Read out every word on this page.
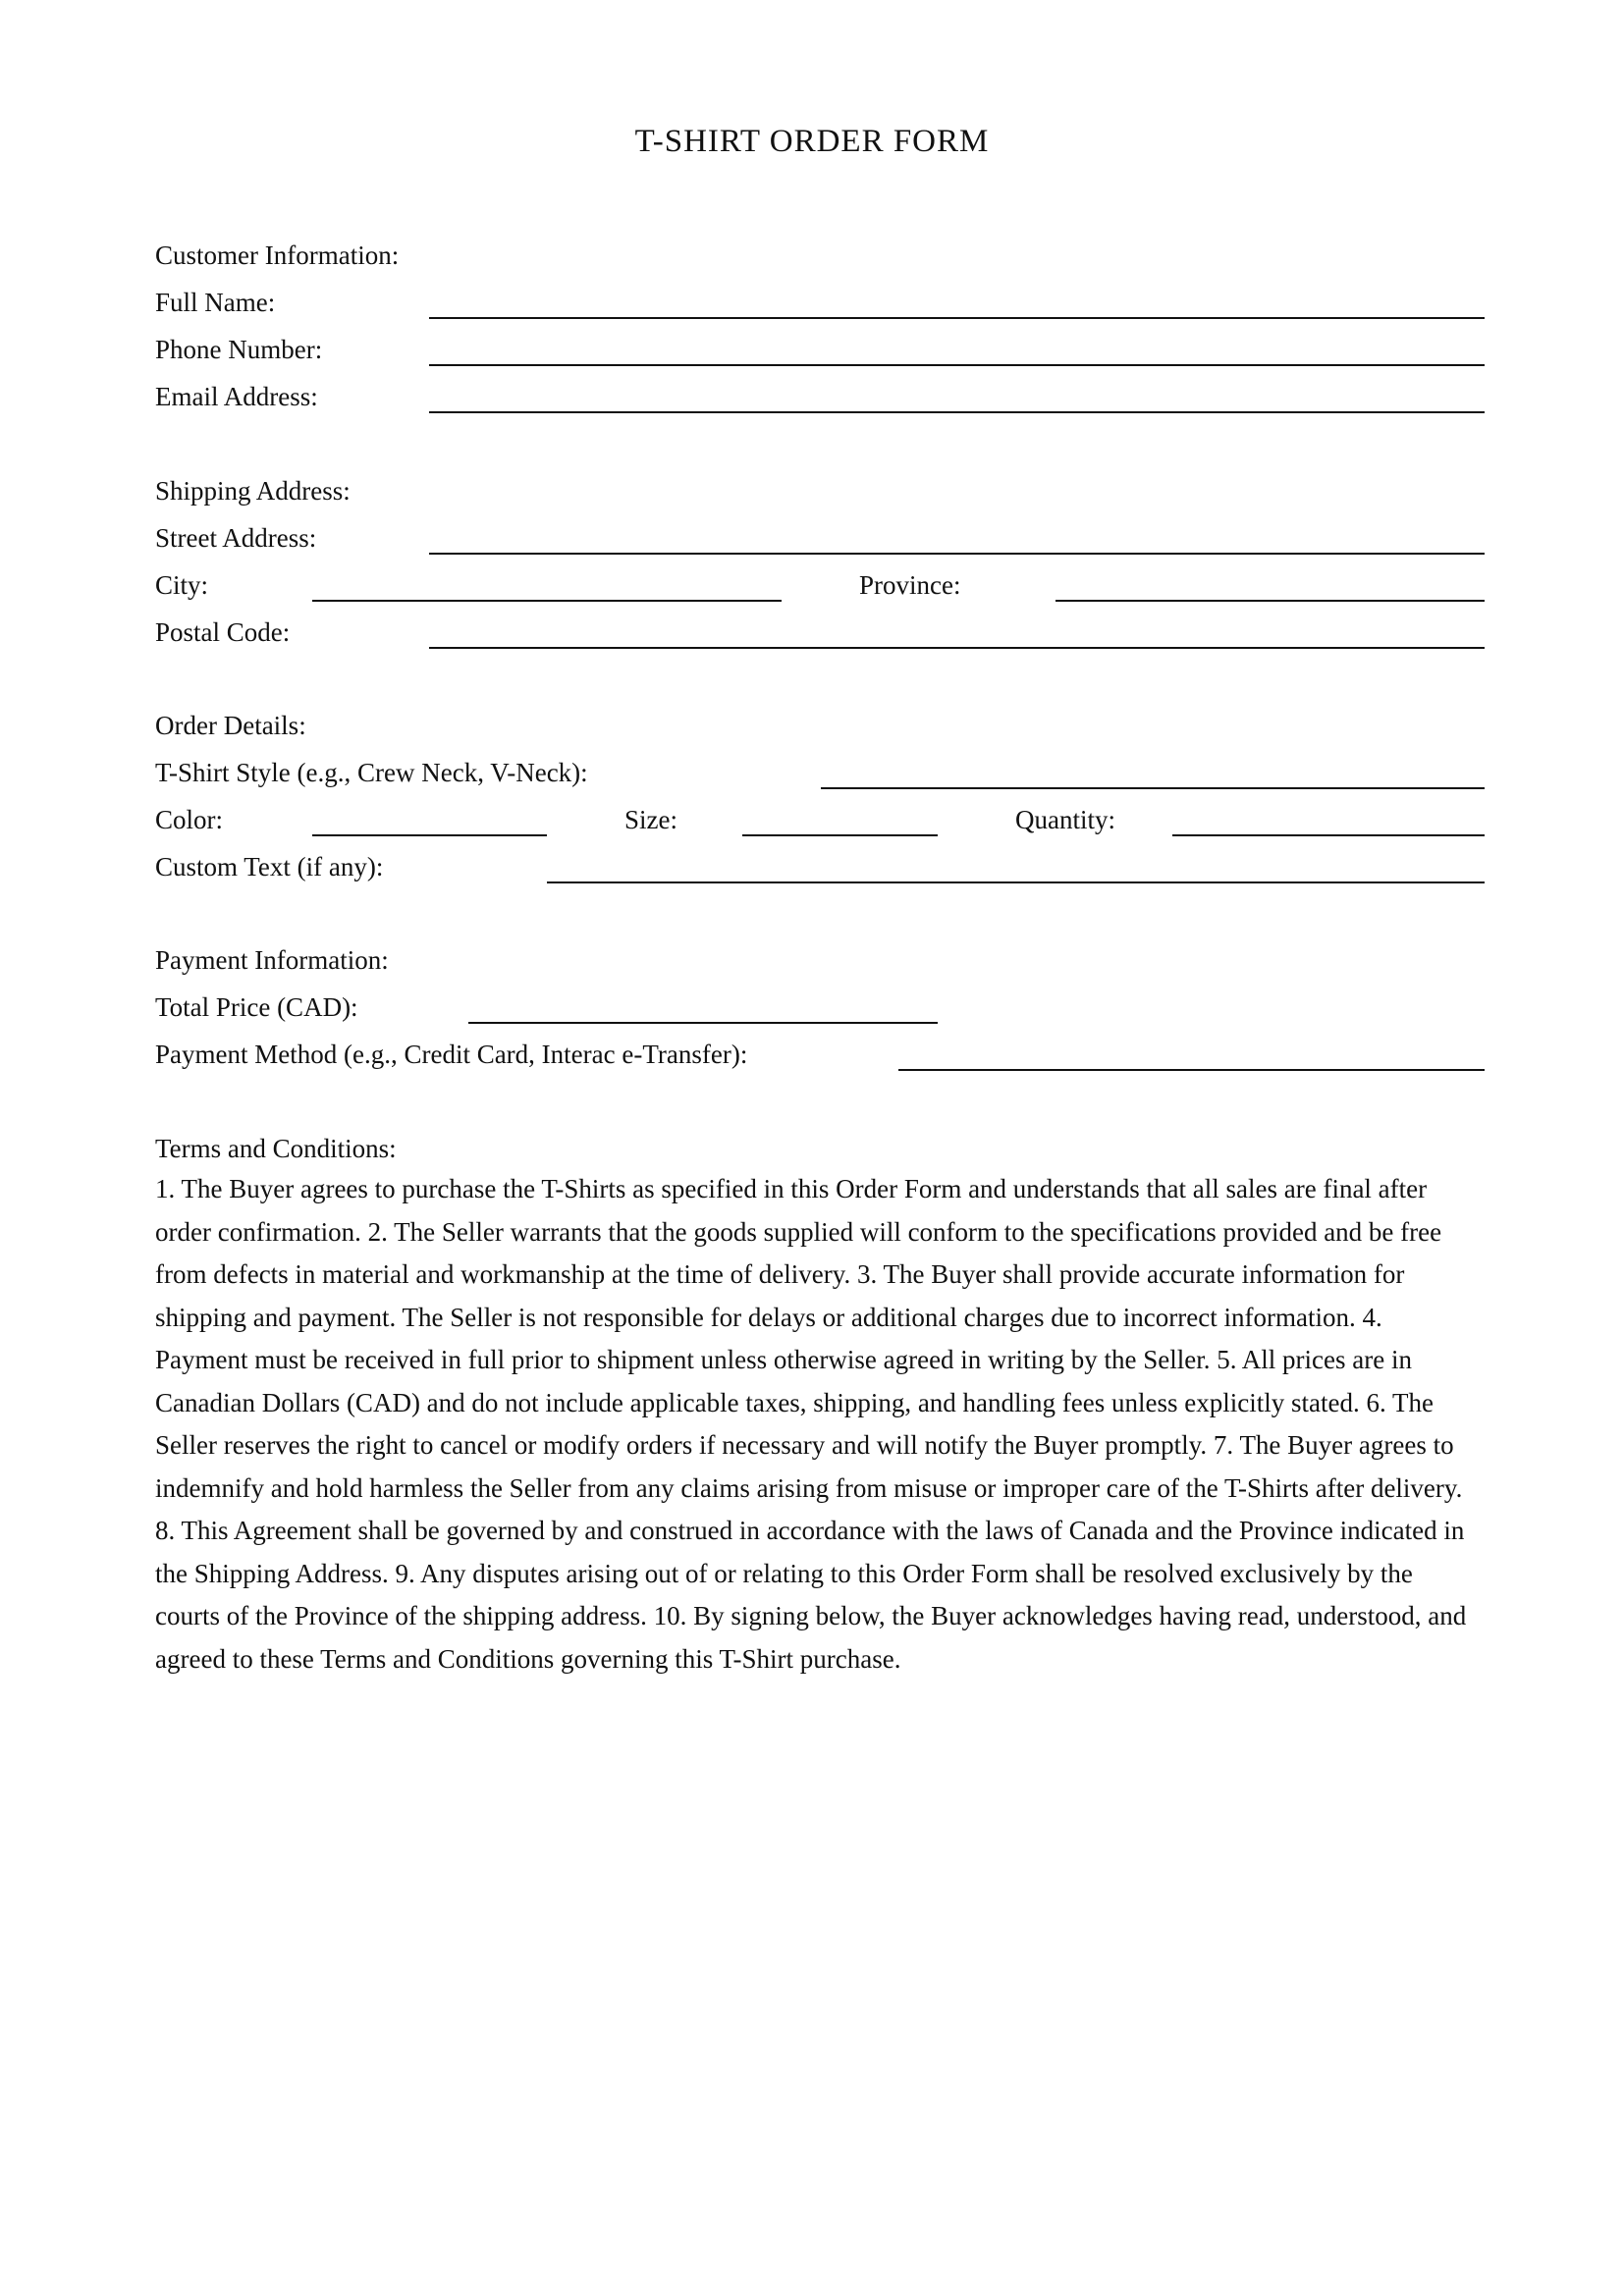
T-SHIRT ORDER FORM
Customer Information:
Full Name:
Phone Number:
Email Address:
Shipping Address:
Street Address:
City:	Province:
Postal Code:
Order Details:
T-Shirt Style (e.g., Crew Neck, V-Neck):
Color:	Size:	Quantity:
Custom Text (if any):
Payment Information:
Total Price (CAD):
Payment Method (e.g., Credit Card, Interac e-Transfer):
Terms and Conditions:
1. The Buyer agrees to purchase the T-Shirts as specified in this Order Form and understands that all sales are final after order confirmation. 2. The Seller warrants that the goods supplied will conform to the specifications provided and be free from defects in material and workmanship at the time of delivery. 3. The Buyer shall provide accurate information for shipping and payment. The Seller is not responsible for delays or additional charges due to incorrect information. 4. Payment must be received in full prior to shipment unless otherwise agreed in writing by the Seller. 5. All prices are in Canadian Dollars (CAD) and do not include applicable taxes, shipping, and handling fees unless explicitly stated. 6. The Seller reserves the right to cancel or modify orders if necessary and will notify the Buyer promptly. 7. The Buyer agrees to indemnify and hold harmless the Seller from any claims arising from misuse or improper care of the T-Shirts after delivery. 8. This Agreement shall be governed by and construed in accordance with the laws of Canada and the Province indicated in the Shipping Address. 9. Any disputes arising out of or relating to this Order Form shall be resolved exclusively by the courts of the Province of the shipping address. 10. By signing below, the Buyer acknowledges having read, understood, and agreed to these Terms and Conditions governing this T-Shirt purchase.
